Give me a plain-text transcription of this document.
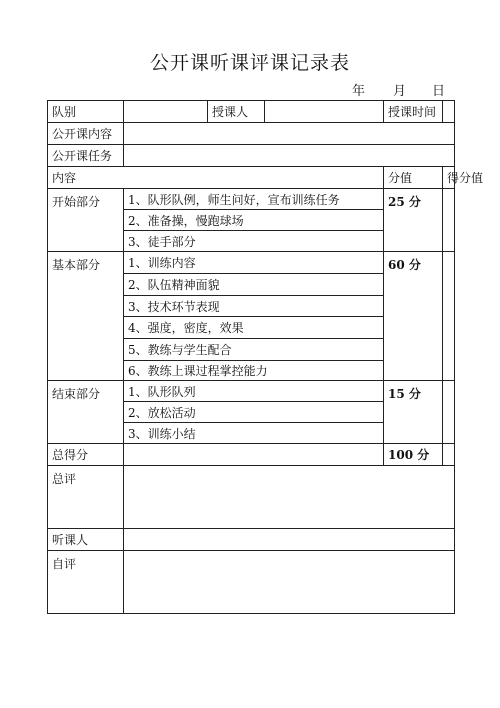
公开课听课评课记录表
年 月 日
队别		授课人		授课时间	
公开课内容					
公开课任务					
内容				分值	得分值
开始部分	1、队形队例，师生问好，宣布训练任务			25 分	
	2、准备操，慢跑球场				
	3、徒手部分				
基本部分	1、训练内容			60 分	
	2、队伍精神面貌				
	3、技术环节表现				
	4、强度，密度，效果				
	5、教练与学生配合				
	6、教练上课过程掌控能力				
结束部分	1、队形队列			15 分	
	2、放松活动				
	3、训练小结				
总得分				100 分	
总评					
听课人					
自评					
